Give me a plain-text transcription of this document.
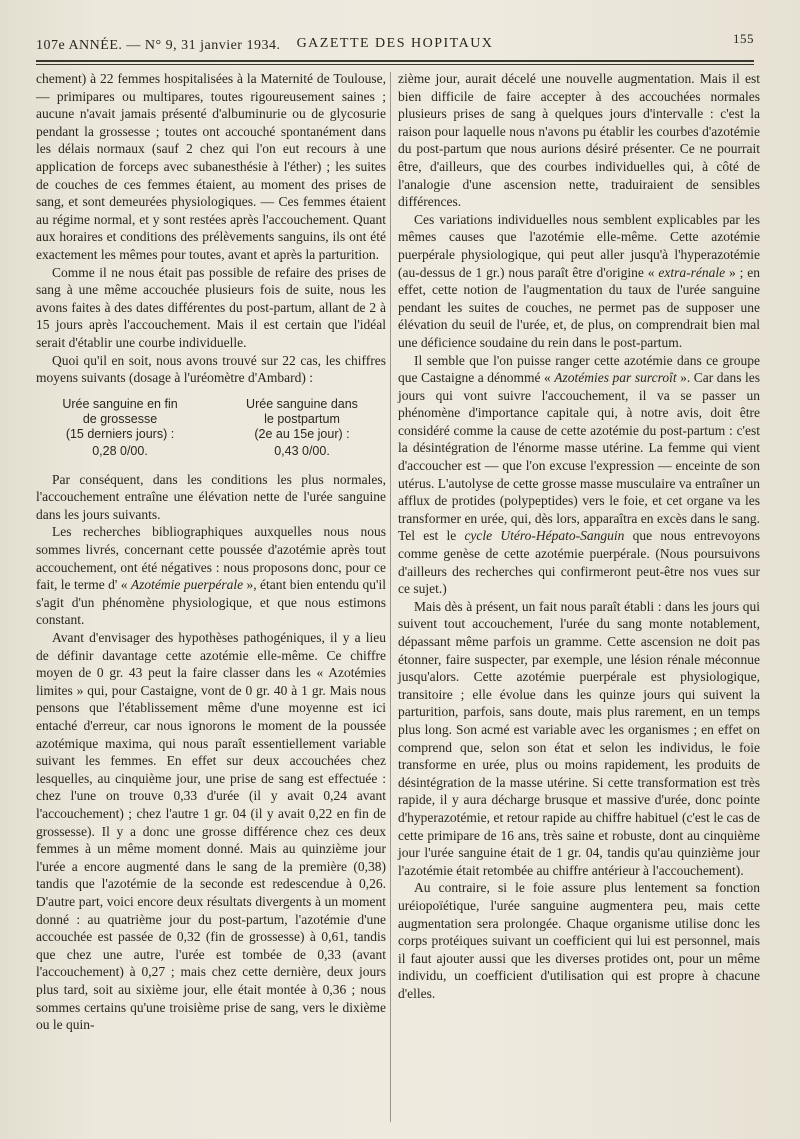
107e ANNÉE. — N° 9, 31 janvier 1934.	GAZETTE DES HOPITAUX	155

chement) à 22 femmes hospitalisées à la Maternité de Toulouse, — primipares ou multipares, toutes rigoureusement saines ; aucune n'avait jamais présenté d'albuminurie ou de glycosurie pendant la grossesse ; toutes ont accouché spontanément dans les délais normaux (sauf 2 chez qui l'on eut recours à une application de forceps avec subanesthésie à l'éther) ; les suites de couches de ces femmes étaient, au moment des prises de sang, et sont demeurées physiologiques. — Ces femmes étaient au régime normal, et y sont restées après l'accouchement. Quant aux horaires et conditions des prélèvements sanguins, ils ont été exactement les mêmes pour toutes, avant et après la parturition.

Comme il ne nous était pas possible de refaire des prises de sang à une même accouchée plusieurs fois de suite, nous les avons faites à des dates différentes du post-partum, allant de 2 à 15 jours après l'accouchement. Mais il est certain que l'idéal serait d'établir une courbe individuelle.

Quoi qu'il en soit, nous avons trouvé sur 22 cas, les chiffres moyens suivants (dosage à l'uréomètre d'Ambard) :

Urée sanguine en fin
de grossesse
(15 derniers jours) :
0,28 0/00.
Urée sanguine dans
le postpartum
(2e au 15e jour) :
0,43 0/00.

Par conséquent, dans les conditions les plus normales, l'accouchement entraîne une élévation nette de l'urée sanguine dans les jours suivants.

Les recherches bibliographiques auxquelles nous nous sommes livrés, concernant cette poussée d'azotémie après tout accouchement, ont été négatives : nous proposons donc, pour ce fait, le terme d' « Azotémie puerpérale », étant bien entendu qu'il s'agit d'un phénomène physiologique, et que nous estimons constant.

Avant d'envisager des hypothèses pathogéniques, il y a lieu de définir davantage cette azotémie elle-même. Ce chiffre moyen de 0 gr. 43 peut la faire classer dans les « Azotémies limites » qui, pour Castaigne, vont de 0 gr. 40 à 1 gr. Mais nous pensons que l'établissement même d'une moyenne est ici entaché d'erreur, car nous ignorons le moment de la poussée azotémique maxima, qui nous paraît essentiellement variable suivant les femmes. En effet sur deux accouchées chez lesquelles, au cinquième jour, une prise de sang est effectuée : chez l'une on trouve 0,33 d'urée (il y avait 0,24 avant l'accouchement) ; chez l'autre 1 gr. 04 (il y avait 0,22 en fin de grossesse). Il y a donc une grosse différence chez ces deux femmes à un même moment donné. Mais au quinzième jour l'urée a encore augmenté dans le sang de la première (0,38) tandis que l'azotémie de la seconde est redescendue à 0,26. D'autre part, voici encore deux résultats divergents à un moment donné : au quatrième jour du post-partum, l'azotémie d'une accouchée est passée de 0,32 (fin de grossesse) à 0,61, tandis que chez une autre, l'urée est tombée de 0,33 (avant l'accouchement) à 0,27 ; mais chez cette dernière, deux jours plus tard, soit au sixième jour, elle était montée à 0,36 ; nous sommes certains qu'une troisième prise de sang, vers le dixième ou le quin-

zième jour, aurait décelé une nouvelle augmentation. Mais il est bien difficile de faire accepter à des accouchées normales plusieurs prises de sang à quelques jours d'intervalle : c'est la raison pour laquelle nous n'avons pu établir les courbes d'azotémie du post-partum que nous aurions désiré présenter. Ce ne pourrait être, d'ailleurs, que des courbes individuelles qui, à côté de l'analogie d'une ascension nette, traduiraient de sensibles différences.

Ces variations individuelles nous semblent explicables par les mêmes causes que l'azotémie elle-même. Cette azotémie puerpérale physiologique, qui peut aller jusqu'à l'hyperazotémie (au-dessus de 1 gr.) nous paraît être d'origine « extra-rénale » ; en effet, cette notion de l'augmentation du taux de l'urée sanguine pendant les suites de couches, ne permet pas de supposer une élévation du seuil de l'urée, et, de plus, on comprendrait bien mal une déficience soudaine du rein dans le post-partum.

Il semble que l'on puisse ranger cette azotémie dans ce groupe que Castaigne a dénommé « Azotémies par surcroît ». Car dans les jours qui vont suivre l'accouchement, il va se passer un phénomène d'importance capitale qui, à notre avis, doit être considéré comme la cause de cette azotémie du post-partum : c'est la désintégration de l'énorme masse utérine. La femme qui vient d'accoucher est — que l'on excuse l'expression — enceinte de son utérus. L'autolyse de cette grosse masse musculaire va entraîner un afflux de protides (polypeptides) vers le foie, et cet organe va les transformer en urée, qui, dès lors, apparaîtra en excès dans le sang. Tel est le cycle Utéro-Hépato-Sanguin que nous entrevoyons comme genèse de cette azotémie puerpérale. (Nous poursuivons d'ailleurs des recherches qui confirmeront peut-être nos vues sur ce sujet.)

Mais dès à présent, un fait nous paraît établi : dans les jours qui suivent tout accouchement, l'urée du sang monte notablement, dépassant même parfois un gramme. Cette ascension ne doit pas étonner, faire suspecter, par exemple, une lésion rénale méconnue jusqu'alors. Cette azotémie puerpérale est physiologique, transitoire ; elle évolue dans les quinze jours qui suivent la parturition, parfois, sans doute, mais plus rarement, en un temps plus long. Son acmé est variable avec les organismes ; en effet on comprend que, selon son état et selon les individus, le foie transforme en urée, plus ou moins rapidement, les produits de désintégration de la masse utérine. Si cette transformation est très rapide, il y aura décharge brusque et massive d'urée, donc pointe d'hyperazotémie, et retour rapide au chiffre habituel (c'est le cas de cette primipare de 16 ans, très saine et robuste, dont au cinquième jour l'urée sanguine était de 1 gr. 04, tandis qu'au quinzième jour l'azotémie était retombée au chiffre antérieur à l'accouchement).

Au contraire, si le foie assure plus lentement sa fonction uréiopoïétique, l'urée sanguine augmentera peu, mais cette augmentation sera prolongée. Chaque organisme utilise donc les corps protéiques suivant un coefficient qui lui est personnel, mais il faut ajouter aussi que les diverses protides ont, pour un même individu, un coefficient d'utilisation qui est propre à chacune d'elles.
